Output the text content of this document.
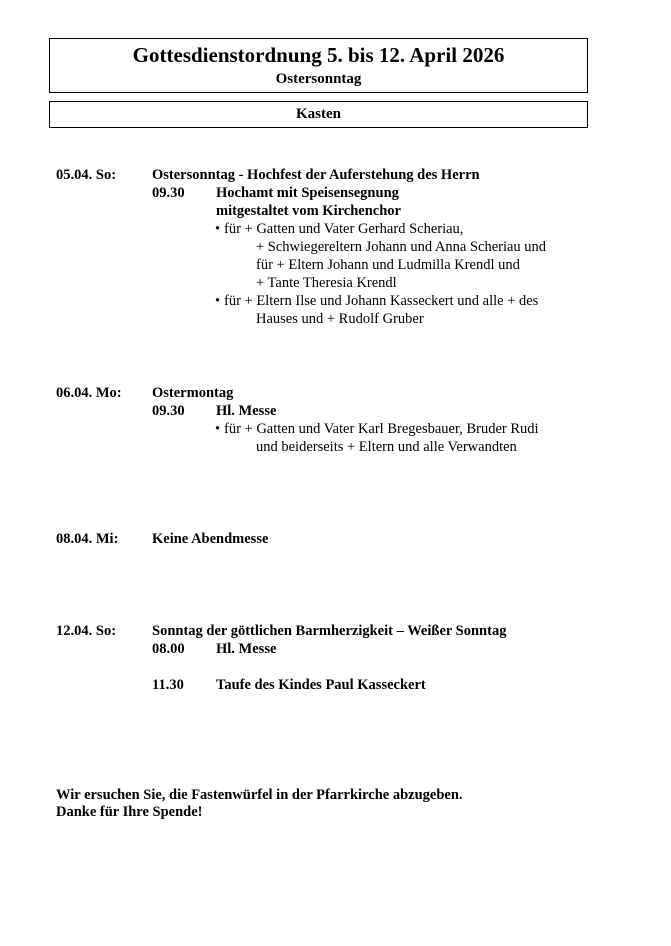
Gottesdienstordnung 5. bis 12. April 2026
Ostersonntag
Kasten
05.04. So: Ostersonntag - Hochfest der Auferstehung des Herrn
09.30 Hochamt mit Speisensegnung
mitgestaltet vom Kirchenchor
• für + Gatten und Vater Gerhard Scheriau,
+ Schwiegereltern Johann und Anna Scheriau und
für + Eltern Johann und Ludmilla Krendl und
+ Tante Theresia Krendl
• für + Eltern Ilse und Johann Kasseckert und alle + des
Hauses und + Rudolf Gruber
06.04. Mo: Ostermontag
09.30 Hl. Messe
• für + Gatten und Vater Karl Bregesbauer, Bruder Rudi
und beiderseits + Eltern und alle Verwandten
08.04. Mi: Keine Abendmesse
12.04. So: Sonntag der göttlichen Barmherzigkeit – Weißer Sonntag
08.00 Hl. Messe
11.30 Taufe des Kindes Paul Kasseckert
Wir ersuchen Sie, die Fastenwürfel in der Pfarrkirche abzugeben.
Danke für Ihre Spende!
